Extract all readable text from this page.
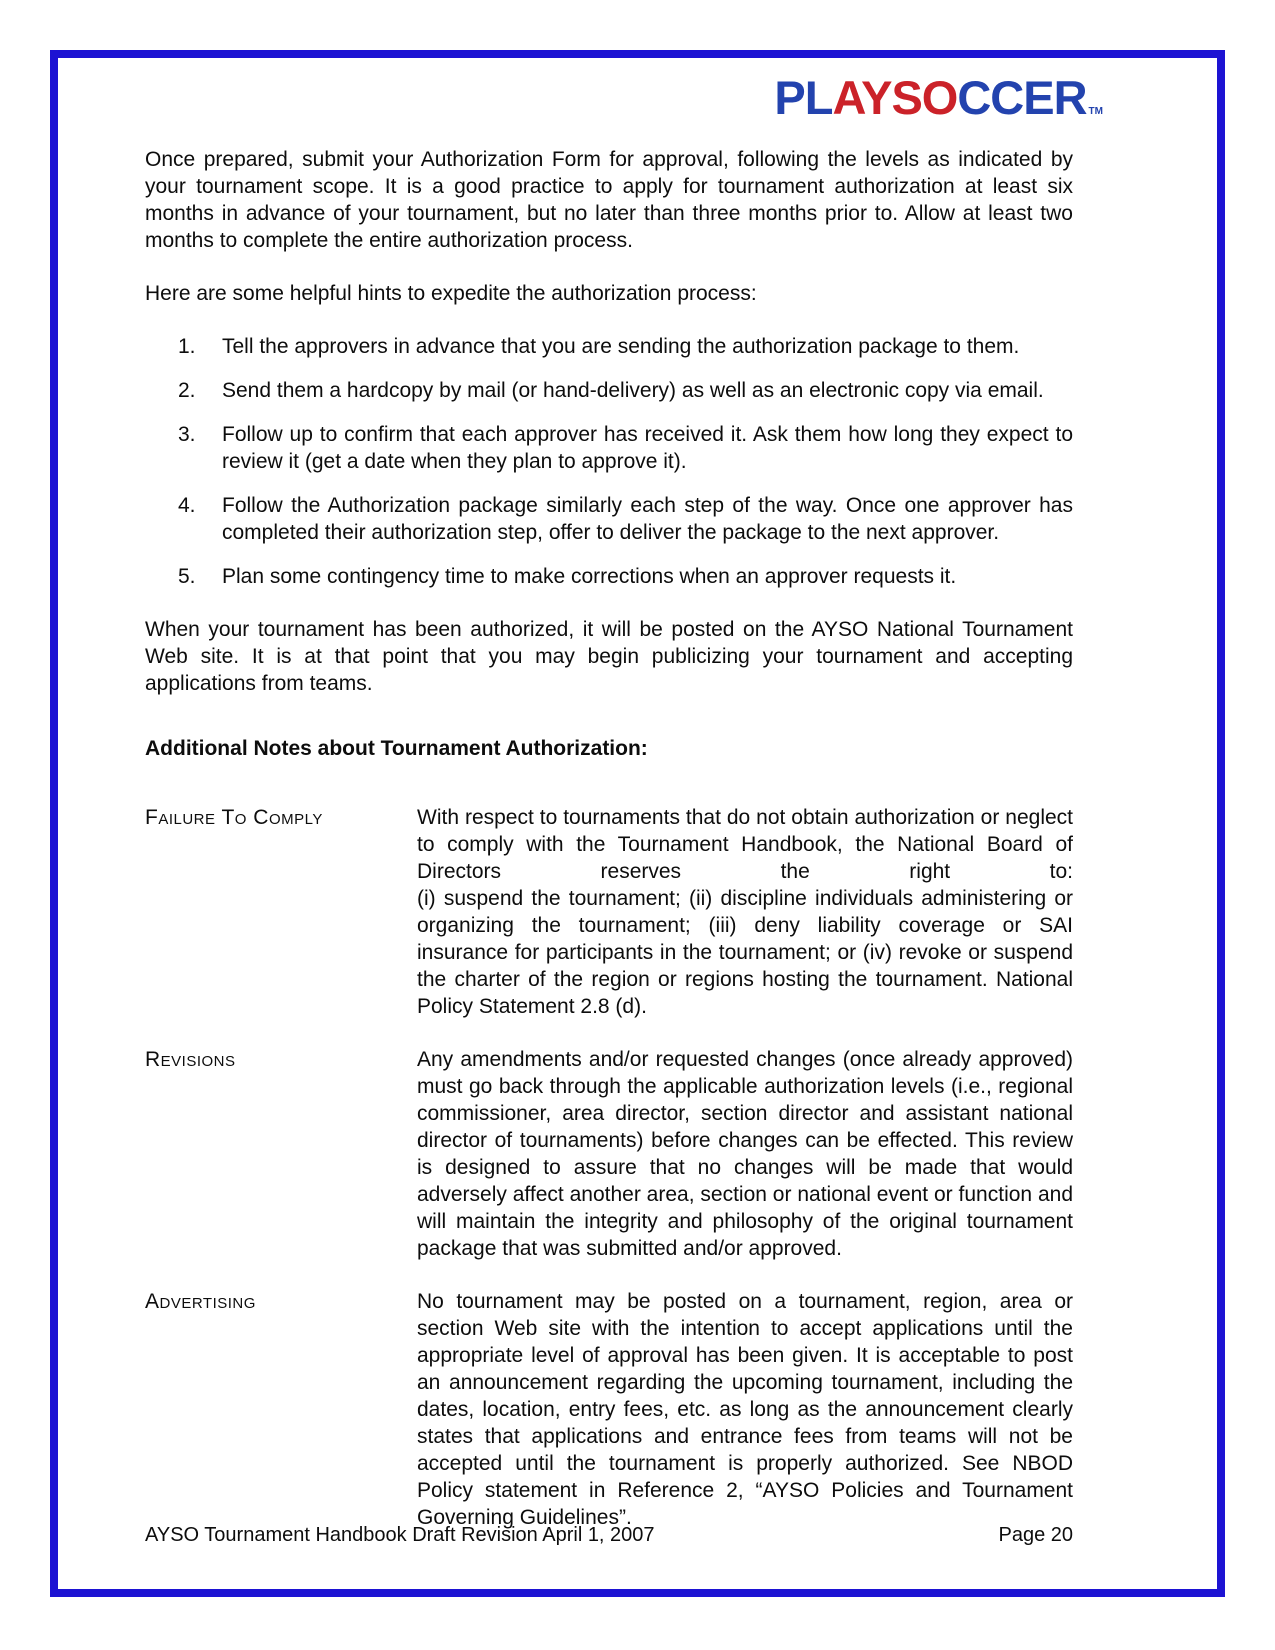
PLAYSOCCER TM

Once prepared, submit your Authorization Form for approval, following the levels as indicated by your tournament scope. It is a good practice to apply for tournament authorization at least six months in advance of your tournament, but no later than three months prior to. Allow at least two months to complete the entire authorization process.

Here are some helpful hints to expedite the authorization process:

1.	Tell the approvers in advance that you are sending the authorization package to them.
2.	Send them a hardcopy by mail (or hand-delivery) as well as an electronic copy via email.
3.	Follow up to confirm that each approver has received it. Ask them how long they expect to review it (get a date when they plan to approve it).
4.	Follow the Authorization package similarly each step of the way. Once one approver has completed their authorization step, offer to deliver the package to the next approver.
5.	Plan some contingency time to make corrections when an approver requests it.

When your tournament has been authorized, it will be posted on the AYSO National Tournament Web site. It is at that point that you may begin publicizing your tournament and accepting applications from teams.

Additional Notes about Tournament Authorization:
Failure To Comply	With respect to tournaments that do not obtain authorization or neglect to comply with the Tournament Handbook, the National Board of Directors reserves the right to:
(i) suspend the tournament; (ii) discipline individuals administering or organizing the tournament; (iii) deny liability coverage or SAI insurance for participants in the tournament; or (iv) revoke or suspend the charter of the region or regions hosting the tournament. National Policy Statement 2.8 (d).
Revisions	Any amendments and/or requested changes (once already approved) must go back through the applicable authorization levels (i.e., regional commissioner, area director, section director and assistant national director of tournaments) before changes can be effected. This review is designed to assure that no changes will be made that would adversely affect another area, section or national event or function and will maintain the integrity and philosophy of the original tournament package that was submitted and/or approved.
Advertising	No tournament may be posted on a tournament, region, area or section Web site with the intention to accept applications until the appropriate level of approval has been given. It is acceptable to post an announcement regarding the upcoming tournament, including the dates, location, entry fees, etc. as long as the announcement clearly states that applications and entrance fees from teams will not be accepted until the tournament is properly authorized. See NBOD Policy statement in Reference 2, “AYSO Policies and Tournament Governing Guidelines”.
AYSO Tournament Handbook Draft Revision April 1, 2007	Page 20
